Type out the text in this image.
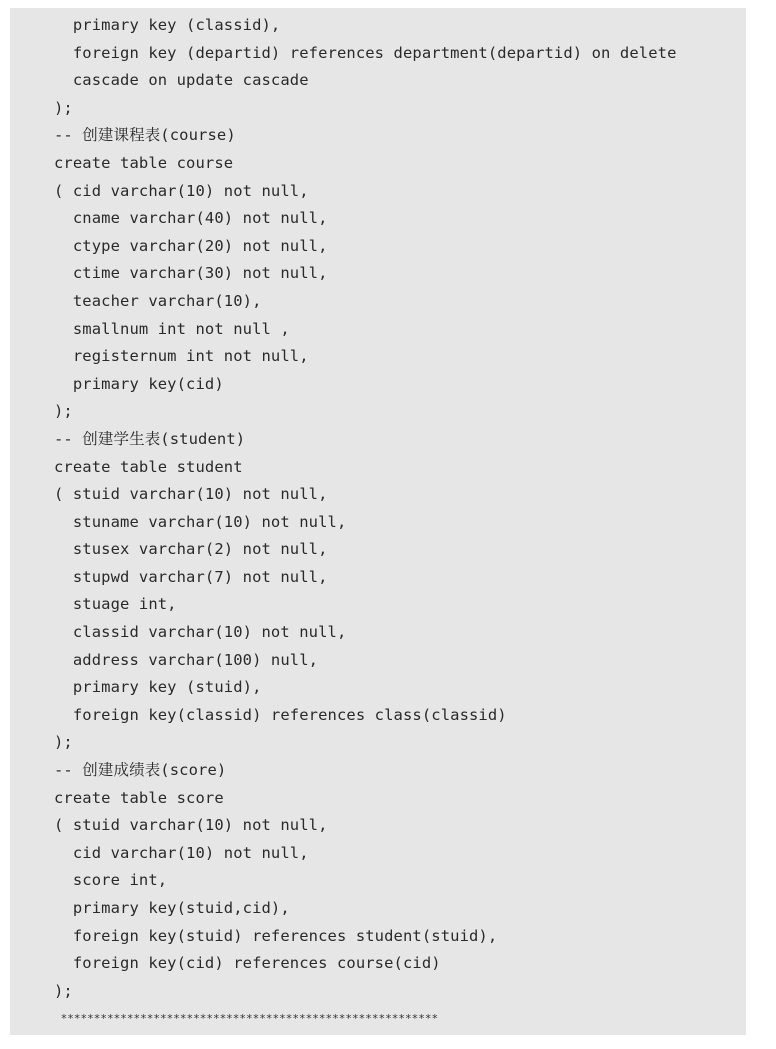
primary key (classid),
foreign key (departid) references department(departid) on delete
cascade on update cascade
);
-- 创建课程表(course)
create table course
( cid varchar(10) not null,
cname varchar(40) not null,
ctype varchar(20) not null,
ctime varchar(30) not null,
teacher varchar(10),
smallnum int not null ,
registernum int not null,
primary key(cid)
);
-- 创建学生表(student)
create table student
( stuid varchar(10) not null,
stuname varchar(10) not null,
stusex varchar(2) not null,
stupwd varchar(7) not null,
stuage int,
classid varchar(10) not null,
address varchar(100) null,
primary key (stuid),
foreign key(classid) references class(classid)
);
-- 创建成绩表(score)
create table score
( stuid varchar(10) not null,
cid varchar(10) not null,
score int,
primary key(stuid,cid),
foreign key(stuid) references student(stuid),
foreign key(cid) references course(cid)
);
*********************************************************
